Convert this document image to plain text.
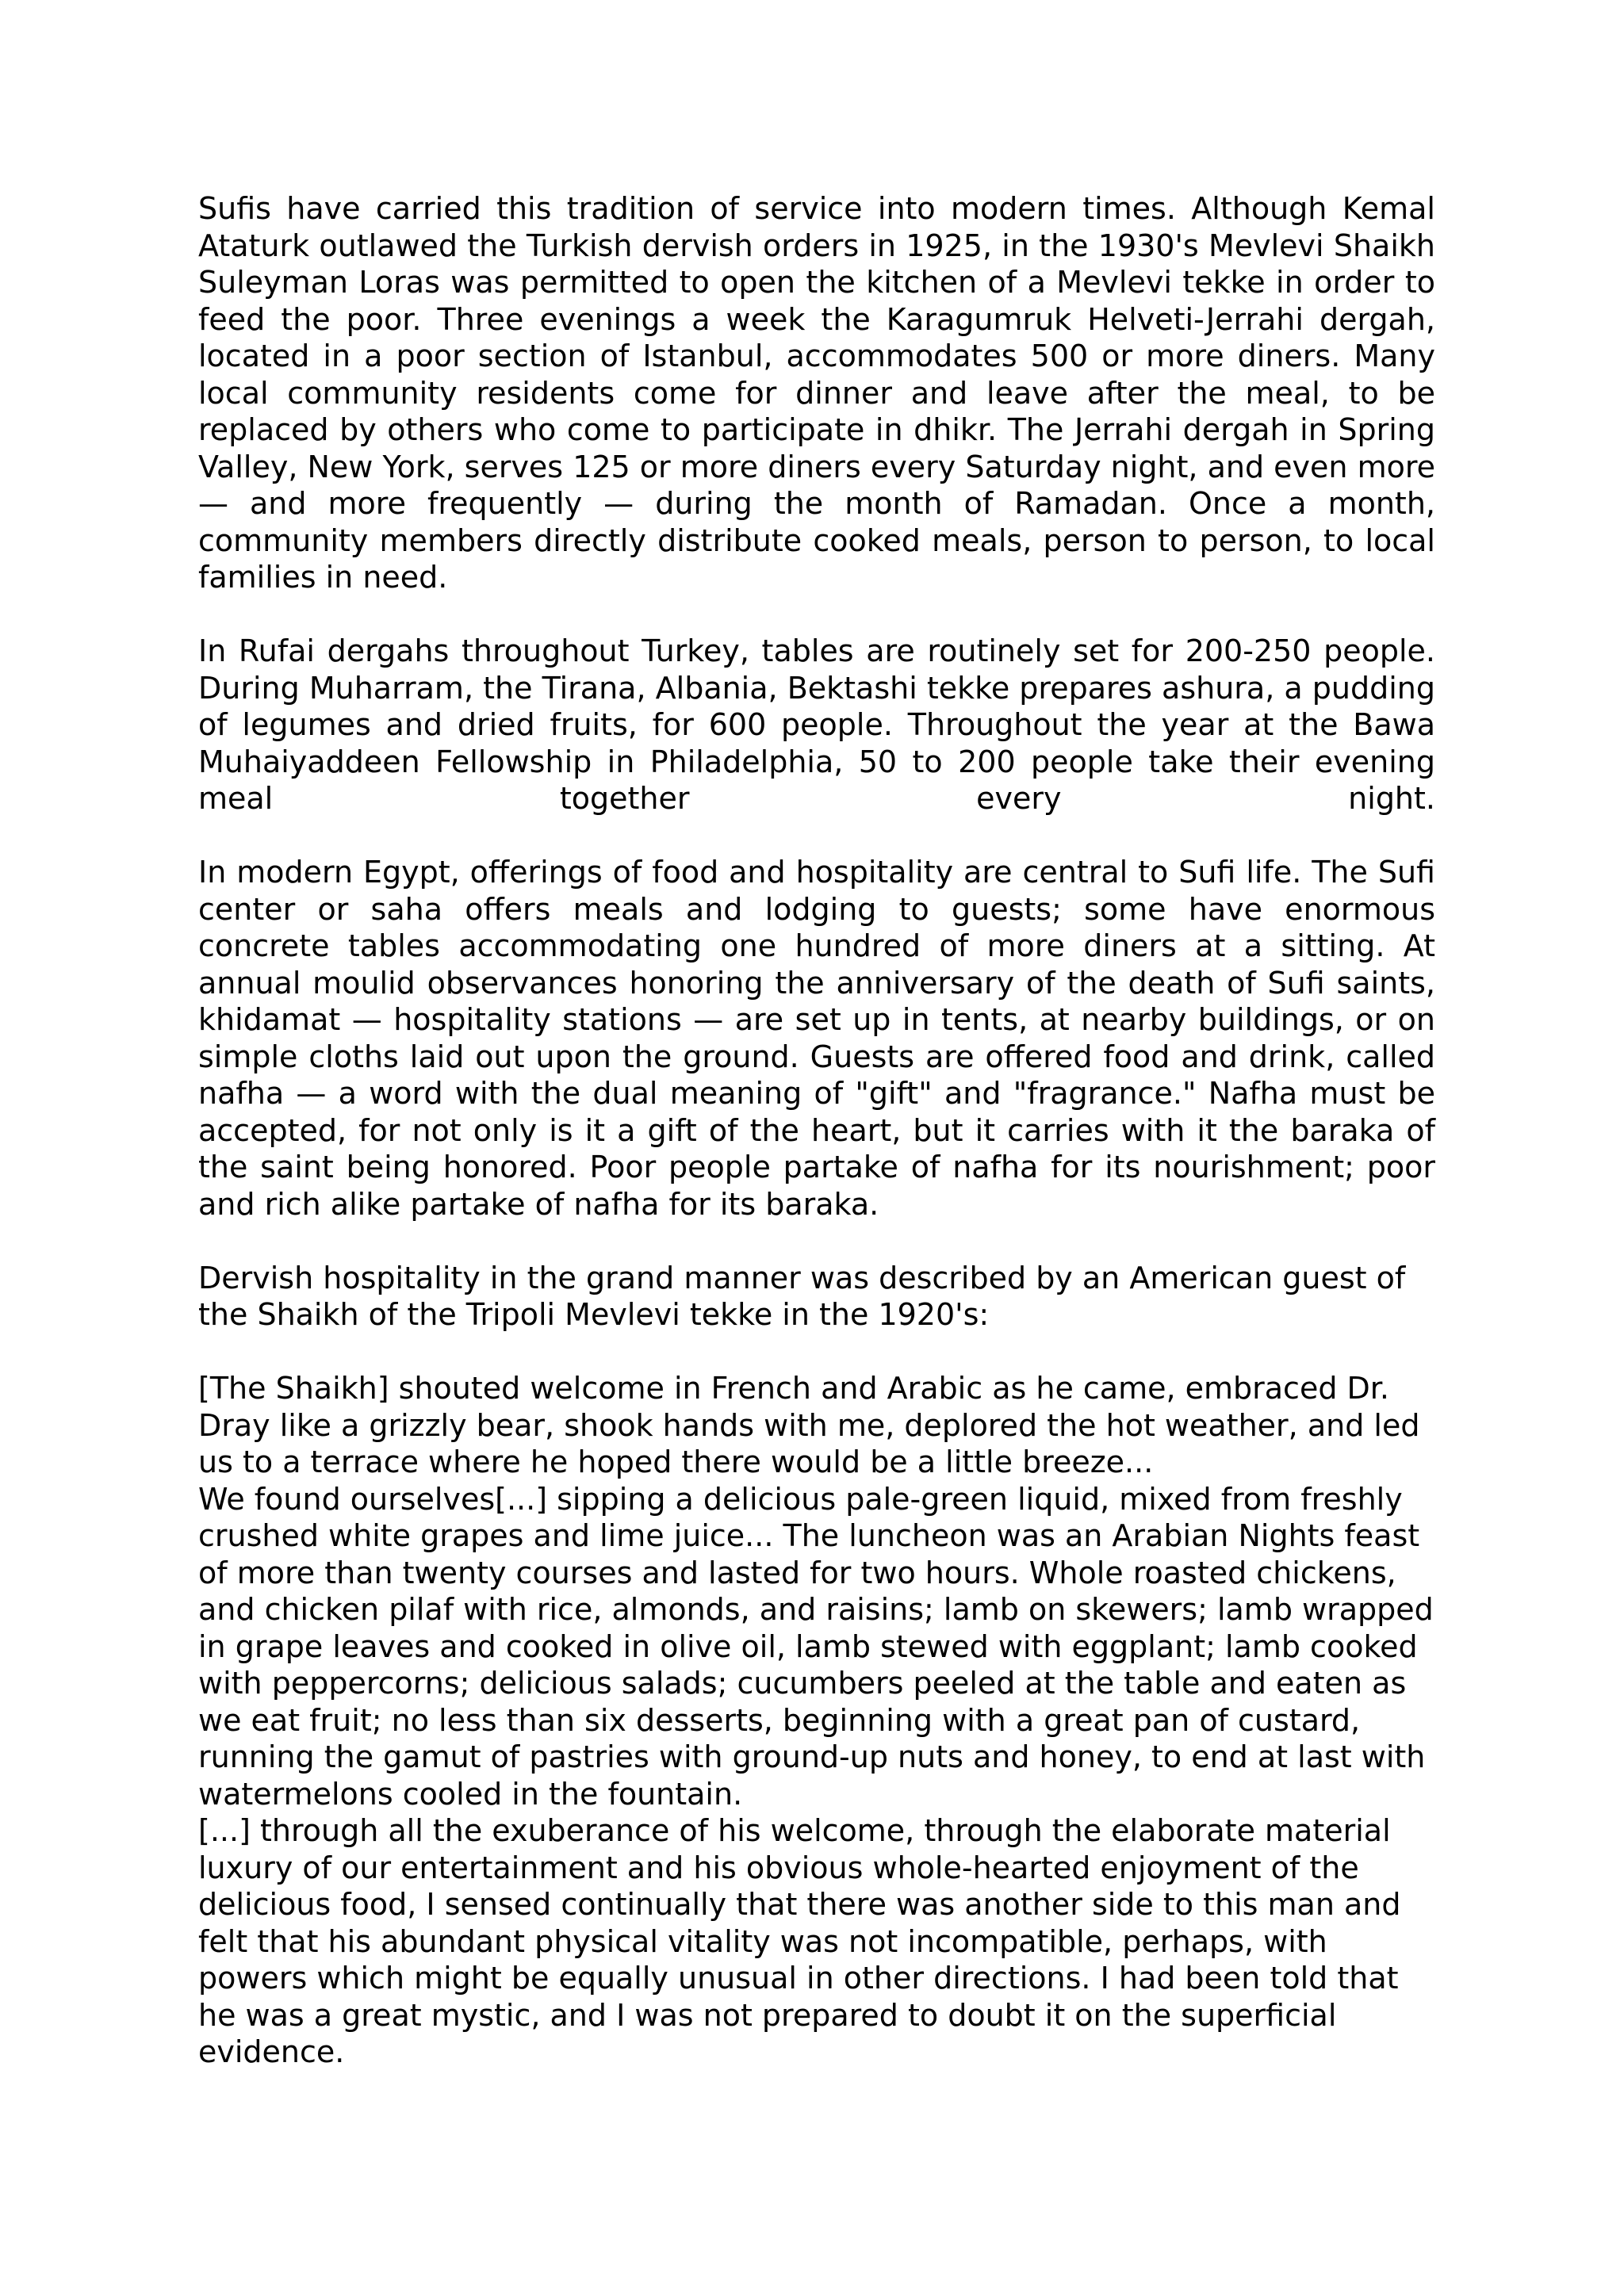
Sufis have carried this tradition of service into modern times. Although Kemal Ataturk outlawed the Turkish dervish orders in 1925, in the 1930's Mevlevi Shaikh Suleyman Loras was permitted to open the kitchen of a Mevlevi tekke in order to feed the poor. Three evenings a week the Karagumruk Helveti-Jerrahi dergah, located in a poor section of Istanbul, accommodates 500 or more diners. Many local community residents come for dinner and leave after the meal, to be replaced by others who come to participate in dhikr. The Jerrahi dergah in Spring Valley, New York, serves 125 or more diners every Saturday night, and even more — and more frequently — during the month of Ramadan. Once a month, community members directly distribute cooked meals, person to person, to local families in need.

In Rufai dergahs throughout Turkey, tables are routinely set for 200-250 people. During Muharram, the Tirana, Albania, Bektashi tekke prepares ashura, a pudding of legumes and dried fruits, for 600 people. Throughout the year at the Bawa Muhaiyaddeen Fellowship in Philadelphia, 50 to 200 people take their evening meal together every night.

In modern Egypt, offerings of food and hospitality are central to Sufi life. The Sufi center or saha offers meals and lodging to guests; some have enormous concrete tables accommodating one hundred of more diners at a sitting. At annual moulid observances honoring the anniversary of the death of Sufi saints, khidamat — hospitality stations — are set up in tents, at nearby buildings, or on simple cloths laid out upon the ground. Guests are offered food and drink, called nafha — a word with the dual meaning of "gift" and "fragrance." Nafha must be accepted, for not only is it a gift of the heart, but it carries with it the baraka of the saint being honored. Poor people partake of nafha for its nourishment; poor and rich alike partake of nafha for its baraka.

Dervish hospitality in the grand manner was described by an American guest of the Shaikh of the Tripoli Mevlevi tekke in the 1920's:

[The Shaikh] shouted welcome in French and Arabic as he came, embraced Dr. Dray like a grizzly bear, shook hands with me, deplored the hot weather, and led us to a terrace where he hoped there would be a little breeze...

We found ourselves[...] sipping a delicious pale-green liquid, mixed from freshly crushed white grapes and lime juice... The luncheon was an Arabian Nights feast of more than twenty courses and lasted for two hours. Whole roasted chickens, and chicken pilaf with rice, almonds, and raisins; lamb on skewers; lamb wrapped in grape leaves and cooked in olive oil, lamb stewed with eggplant; lamb cooked with peppercorns; delicious salads; cucumbers peeled at the table and eaten as we eat fruit; no less than six desserts, beginning with a great pan of custard, running the gamut of pastries with ground-up nuts and honey, to end at last with watermelons cooled in the fountain.

[...] through all the exuberance of his welcome, through the elaborate material luxury of our entertainment and his obvious whole-hearted enjoyment of the delicious food, I sensed continually that there was another side to this man and felt that his abundant physical vitality was not incompatible, perhaps, with powers which might be equally unusual in other directions. I had been told that he was a great mystic, and I was not prepared to doubt it on the superficial evidence.
